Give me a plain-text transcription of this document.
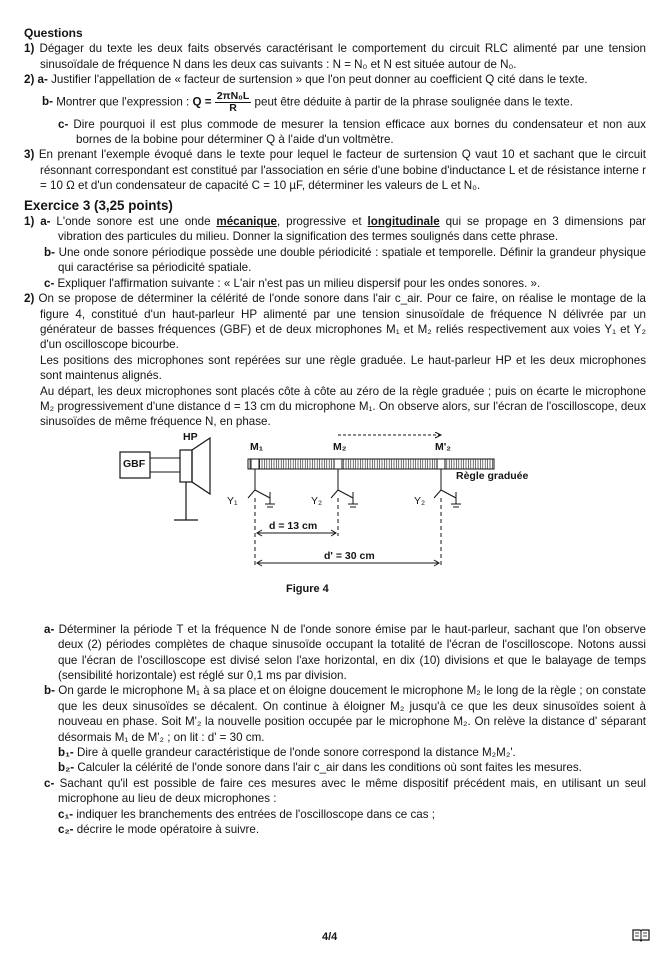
Questions

1) Dégager du texte les deux faits observés caractérisant le comportement du circuit RLC alimenté par une tension sinusoïdale de fréquence N dans les deux cas suivants : N = N₀ et N est située autour de N₀.

2) a- Justifier l'appellation de « facteur de surtension » que l'on peut donner au coefficient Q cité dans le texte.

b- Montrer que l'expression : $Q = \frac{\text{2πN₀L}}{R}$ peut être déduite à partir de la phrase soulignée dans le texte.

c- Dire pourquoi il est plus commode de mesurer la tension efficace aux bornes du condensateur et non aux bornes de la bobine pour déterminer Q à l'aide d'un voltmètre.

3) En prenant l'exemple évoqué dans le texte pour lequel le facteur de surtension Q vaut 10 et sachant que le circuit résonnant correspondant est constitué par l'association en série d'une bobine d'inductance L et de résistance interne r = 10 Ω et d'un condensateur de capacité C = 10 µF, déterminer les valeurs de L et N₀.

Exercice 3 (3,25 points)

1) a- L'onde sonore est une onde mécanique, progressive et longitudinale qui se propage en 3 dimensions par vibration des particules du milieu. Donner la signification des termes soulignés dans cette phrase.

b- Une onde sonore périodique possède une double périodicité : spatiale et temporelle. Définir la grandeur physique qui caractérise sa périodicité spatiale.

c- Expliquer l'affirmation suivante : « L'air n'est pas un milieu dispersif pour les ondes sonores. ».

2) On se propose de déterminer la célérité de l'onde sonore dans l'air c_air. Pour ce faire, on réalise le montage de la figure 4, constitué d'un haut-parleur HP alimenté par une tension sinusoïdale de fréquence N délivrée par un générateur de basses fréquences (GBF) et de deux microphones M₁ et M₂ reliés respectivement aux voies Y₁ et Y₂ d'un oscilloscope bicourbe.

Les positions des microphones sont repérées sur une règle graduée. Le haut-parleur HP et les deux microphones sont maintenus alignés.

Au départ, les deux microphones sont placés côte à côte au zéro de la règle graduée ; puis on écarte le microphone M₂ progressivement d'une distance d = 13 cm du microphone M₁. On observe alors, sur l'écran de l'oscilloscope, deux sinusoïdes de même fréquence N, en phase.

HP
GBF
M₁	M₂	M'₂
Y₁	Y₂	Y₂
Règle graduée
d = 13 cm
d' = 30 cm
Figure 4

a- Déterminer la période T et la fréquence N de l'onde sonore émise par le haut-parleur, sachant que l'on observe deux (2) périodes complètes de chaque sinusoïde occupant la totalité de l'écran de l'oscilloscope. Notons aussi que l'écran de l'oscilloscope est divisé selon l'axe horizontal, en dix (10) divisions et que le balayage de temps (sensibilité horizontale) est réglé sur 0,1 ms par division.

b- On garde le microphone M₁ à sa place et on éloigne doucement le microphone M₂ le long de la règle ; on constate que les deux sinusoïdes se décalent. On continue à éloigner M₂ jusqu'à ce que les deux sinusoïdes soient à nouveau en phase. Soit M'₂ la nouvelle position occupée par le microphone M₂. On relève la distance d' séparant désormais M₁ de M'₂ ; on lit : d' = 30 cm.

b₁- Dire à quelle grandeur caractéristique de l'onde sonore correspond la distance M₂M₂'.

b₂- Calculer la célérité de l'onde sonore dans l'air c_air dans les conditions où sont faites les mesures.

c- Sachant qu'il est possible de faire ces mesures avec le même dispositif précédent mais, en utilisant un seul microphone au lieu de deux microphones :

c₁- indiquer les branchements des entrées de l'oscilloscope dans ce cas ;

c₂- décrire le mode opératoire à suivre.

4/4
